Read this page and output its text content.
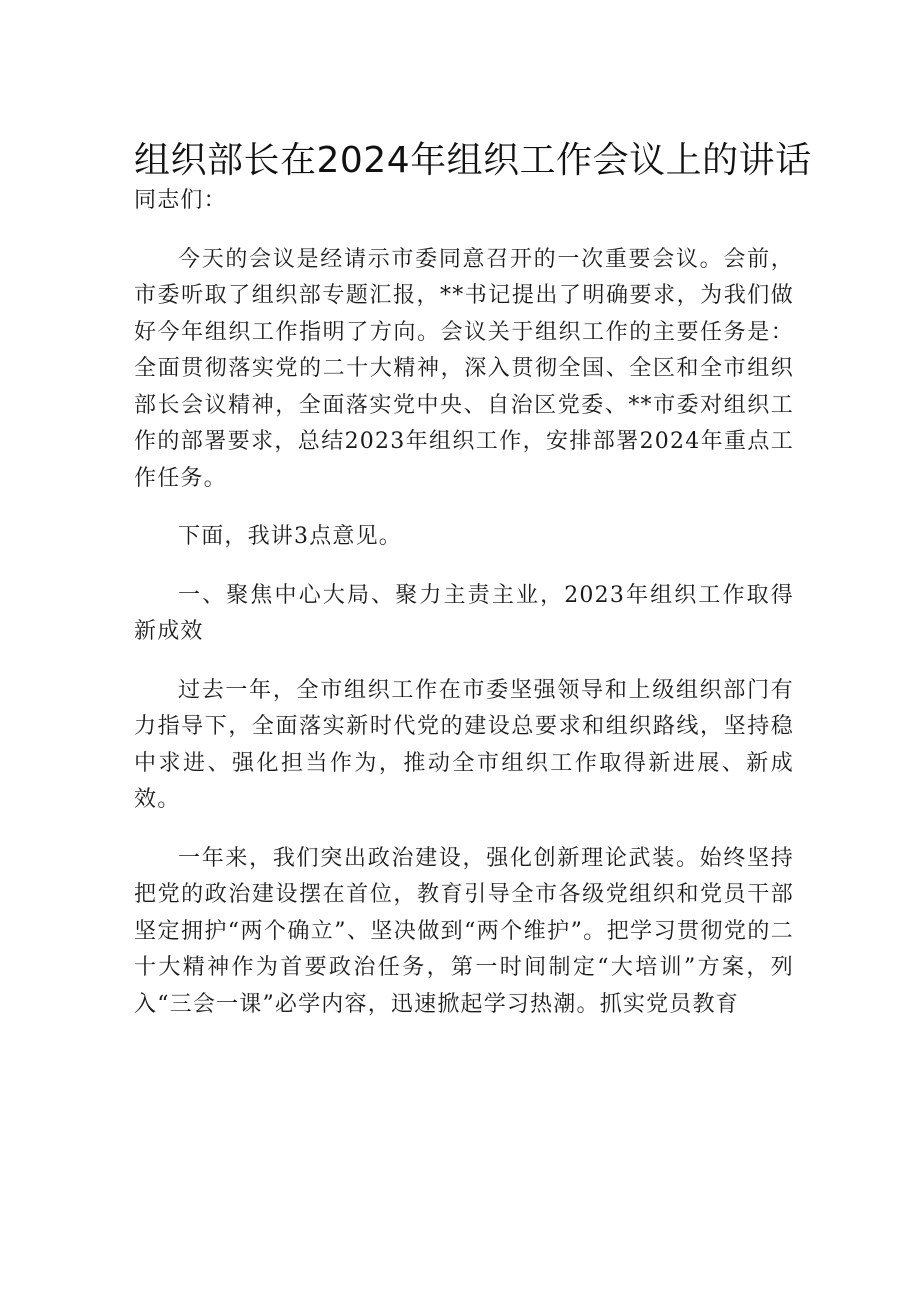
组织部长在2024年组织工作会议上的讲话

同志们：

今天的会议是经请示市委同意召开的一次重要会议。会前，市委听取了组织部专题汇报，**书记提出了明确要求，为我们做好今年组织工作指明了方向。会议关于组织工作的主要任务是：全面贯彻落实党的二十大精神，深入贯彻全国、全区和全市组织部长会议精神，全面落实党中央、自治区党委、**市委对组织工作的部署要求，总结2023年组织工作，安排部署2024年重点工作任务。

下面，我讲3点意见。

一、聚焦中心大局、聚力主责主业，2023年组织工作取得新成效

过去一年，全市组织工作在市委坚强领导和上级组织部门有力指导下，全面落实新时代党的建设总要求和组织路线，坚持稳中求进、强化担当作为，推动全市组织工作取得新进展、新成效。

一年来，我们突出政治建设，强化创新理论武装。始终坚持把党的政治建设摆在首位，教育引导全市各级党组织和党员干部坚定拥护“两个确立”、坚决做到“两个维护”。把学习贯彻党的二十大精神作为首要政治任务，第一时间制定“大培训”方案，列入“三会一课”必学内容，迅速掀起学习热潮。抓实党员教育
